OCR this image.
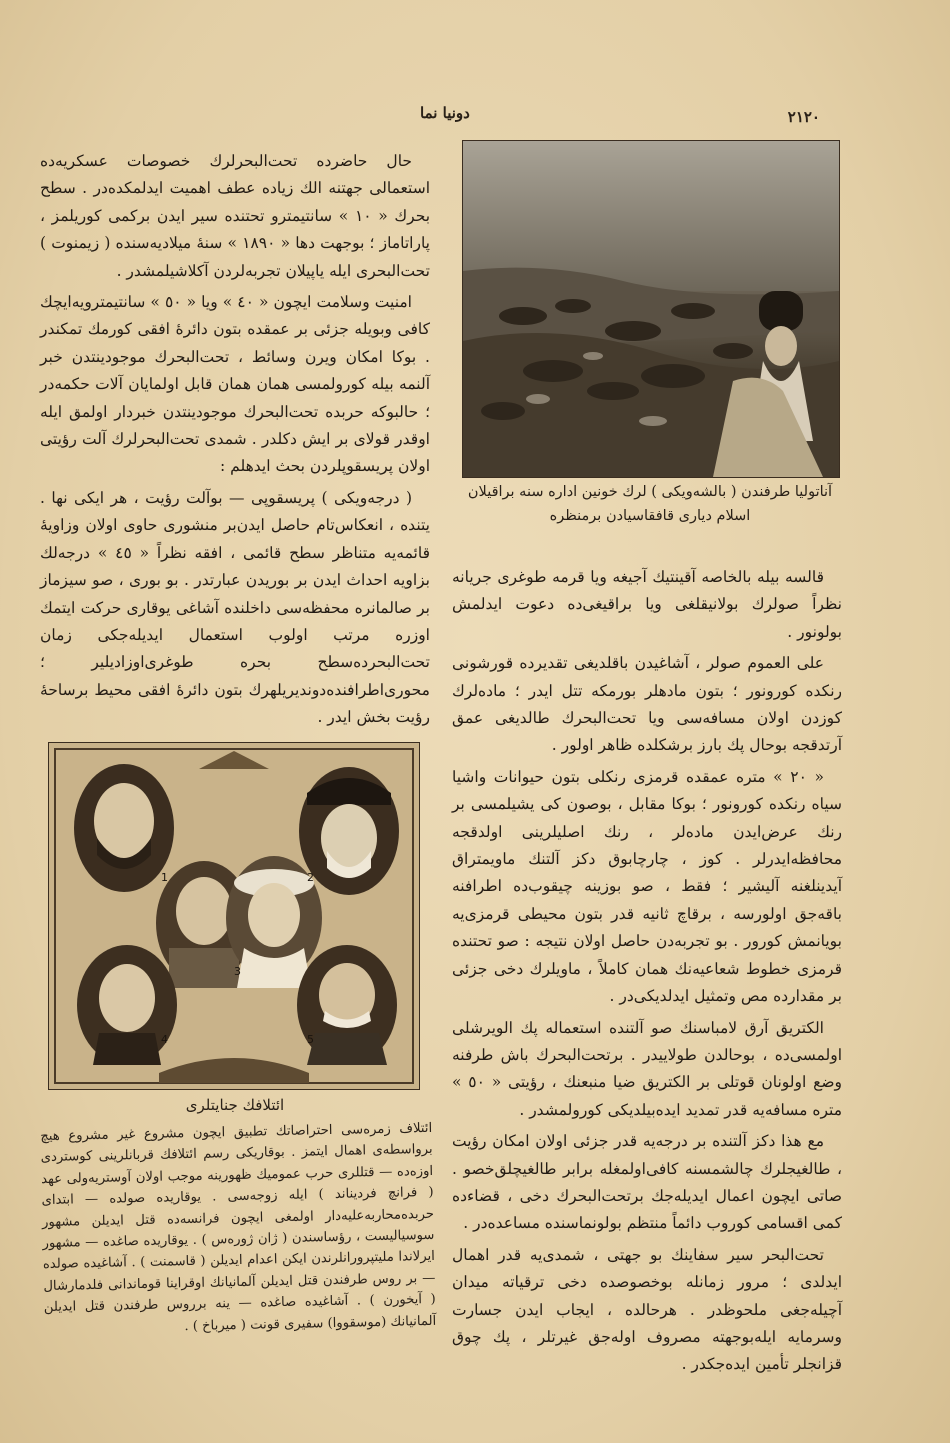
٢١٢٠
دونیا نما

حال حاضرده تحت‌البحرلرك خصوصات عسكريه‌ده استعمالی جهتنه الك زياده عطف اهميت ايدلمكده‌در . سطح بحرك « ١٠ » سانتيمترو تحتنده سير ايدن بركمى كوريلمز ، پاراتاماز ؛ بوجهت دها « ١٨٩٠ » سنهٔ ميلاديه‌سنده ( زيمنوت ) تحت‌البحرى ايله ياپيلان تجربه‌لردن آكلاشيلمشدر .

امنيت وسلامت ايچون « ٤٠ » ويا « ٥٠ » سانتيمترويه‌ايچك كافی وبويله جزئی بر عمقده بتون دائرهٔ افقی كورمك تمكندر . بوكا امكان ويرن وسائط ، تحت‌البحرك موجودينتدن خبر آلنمه بيله كورولمسی همان همان قابل اولمايان آلات حكمه‌در ؛ حالبوكه حربده تحت‌البحرك موجودينتدن خبردار اولمق ايله اوقدر قولای بر ايش دكلدر . شمدی تحت‌البحرلرك آلت رؤيتی اولان پريسقوپلردن بحث ايدهلم :

( درجه‌ويكی ) پريسقوپی — بوآلت رؤيت ، هر ايكی نها . يتنده ، انعكاس‌تام حاصل ايدن‌بر منشوری حاوی اولان وزاويهٔ قائمه‌يه متناظر سطح قائمی ، افقه نظراً « ٤٥ » درجه‌لك بزاويه احداث ايدن بر بوريدن عبارتدر . بو بوری ، صو سيزماز بر صالمانره محفظه‌سی داخلنده آشاغی يوقاری حركت ايتمك اوزره مرتب اولوب استعمال ايديله‌جكی زمان تحت‌البحرده‌سطح بحره طوغری‌اوزاديلير ؛ محوری‌اطرافنده‌دونديريلهرك بتون دائرهٔ افقی محيط برساحهٔ رؤيت بخش ايدر .

آناتوليا طرفندن ( بالشه‌ويكی ) لرك خونين اداره سنه براقيلان
اسلام ديارى قافقاسيادن برمنظره

قالسه بيله بالخاصه آقينتيك آجيغه ويا قرمه طوغری جريانه نظراً صولرك بولانيقلغی ويا براقيغی‌ده دعوت ايدلمش بولونور .

علی العموم صولر ، آشاغيدن باقلديغی تقديرده قورشونی رنكده كورونور ؛ بتون مادهلر بورمكه تتل ايدر ؛ ماده‌لرك كوزدن اولان مسافه‌سی ويا تحت‌البحرك طالديغی عمق آرتدقجه بوحال پك بارز برشكلده ظاهر اولور .

« ٢٠ » متره عمقده قرمزی رنكلی بتون حيوانات واشيا سياه رنكده كورونور ؛ بوكا مقابل ، بوصون كی يشيلمسی بر رنك عرض‌ايدن ماده‌لر ، رنك اصليلرينی اولدقجه محافظه‌ايدرلر . كوز ، چارچابوق دكز آلتنك ماويمتراق آيدينلغنه آليشير ؛ فقط ، صو بوزينه چيقوب‌ده اطرافنه باقه‌جق اولورسه ، برقاچ ثانيه قدر بتون محيطی قرمزی‌يه بويانمش كورور . بو تجربه‌دن حاصل اولان نتيجه : صو تحتنده قرمزی خطوط شعاعيه‌نك همان كاملاً ، ماويلرك دخی جزئی بر مقدارده مص وتمثيل ايدلديكی‌در .

الكتريق آرق لامباسنك صو آلتنده استعماله پك الويرشلی اولمسی‌ده ، بوحالدن طولاييدر . برتحت‌البحرك باش طرفنه وضع اولونان قوتلی بر الكتريق ضيا منبعنك ، رؤيتی « ٥٠ » متره مسافه‌يه قدر تمديد ايده‌بيلديكی كورولمشدر .

مع هذا دكز آلتنده بر درجه‌يه قدر جزئی اولان امكان رؤيت ، طالغيجلرك چالشمسنه كافی‌اولمغله برابر طالغيچلق‌خصو . صاتی ايچون اعمال ايديله‌جك برتحت‌البحرك دخی ، قضاءده كمی اقسامی كوروب دائماً منتظم بولونماسنده مساعده‌در .

تحت‌البحر سير سفاينك بو جهتی ، شمدی‌يه قدر اهمال ايدلدی ؛ مرور زمانله بوخصوصده دخی ترقياته ميدان آچيله‌جغی ملحوظدر . هرحالده ، ايجاب ايدن جسارت وسرمايه ايله‌بوجهته مصروف اوله‌جق غيرتلر ، پك چوق قزانجلر تأمين ايده‌جكدر .

1	2
3
4	5
ائتلافك جنايتلرى
ائتلاف زمره‌سی احتراصاتك تطبيق ايچون مشروع غير مشروع هيچ برواسطه‌ی اهمال ايتمز . بوقاريكی رسم ائتلافك قربانلرينی كوستردی اوزه‌ده — قتللرى حرب عموميك ظهورينه موجب اولان آوستريه‌ولی عهد ( فرانچ فردیناند ) ايله زوجه‌سی . يوقاريده صولده — ابتدای حربده‌محاربه‌عليه‌دار اولمغی ايچون فرانسه‌ده قتل ايديلن مشهور سوسياليست ، رؤساسندن ( ژان ژوره‌س ) . يوقاريده صاغده — مشهور ايرلاندا مليتپرورانلرندن ايكن اعدام ايديلن ( قاسمنت ) . آشاغيده صولده — بر روس طرفندن قتل ايديلن آلمانيانك اوقراينا قوماندانی فلدمارشال ( آيخورن ) . آشاغيده صاغده — ينه برروس طرفندن قتل ايديلن آلمانيانك (موسقووا) سفيری قونت ( ميرباخ ) .
